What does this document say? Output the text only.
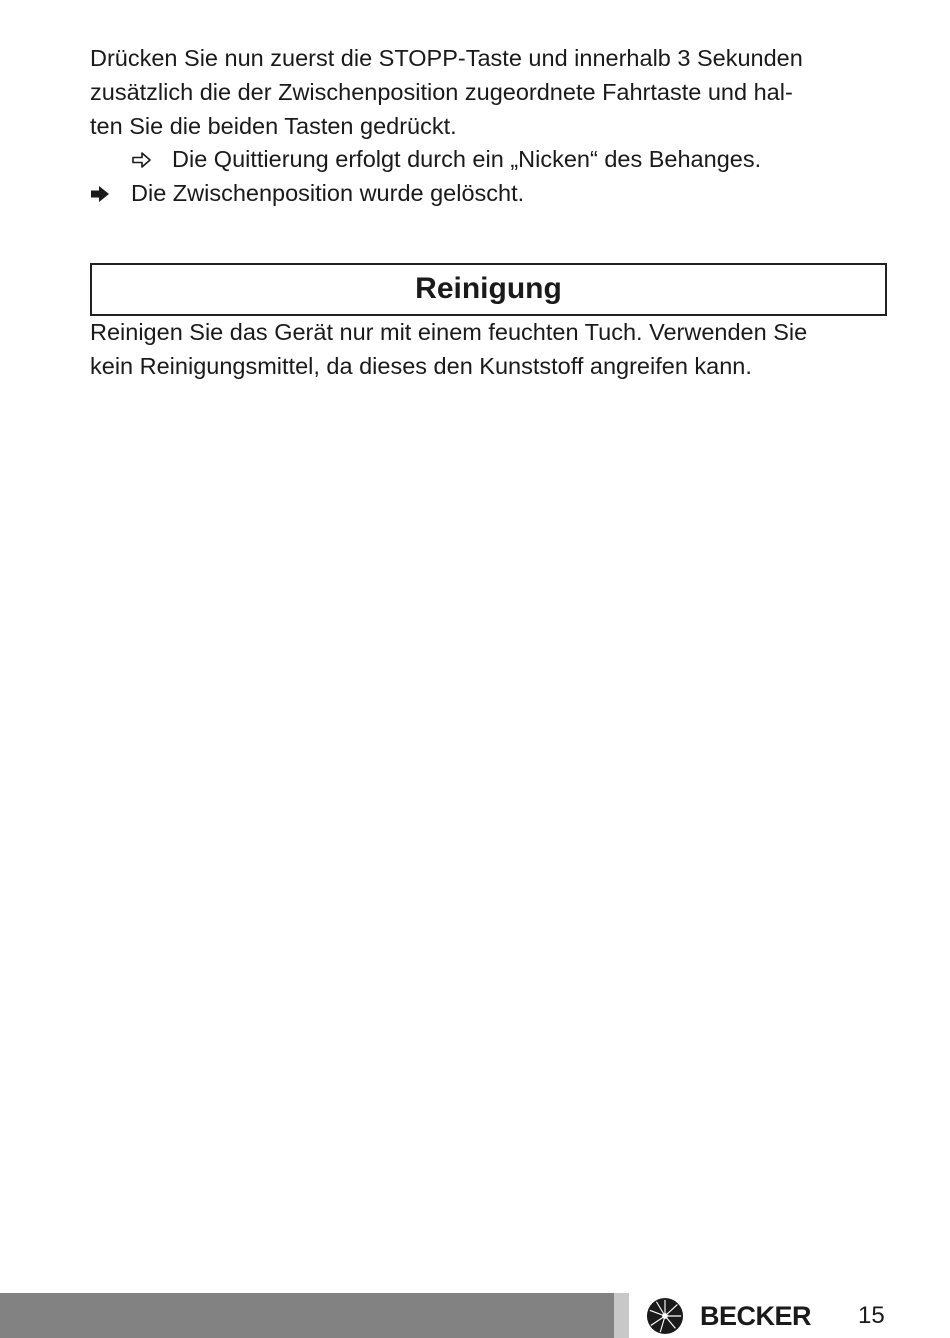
Drücken Sie nun zuerst die STOPP-Taste und innerhalb 3 Sekunden
zusätzlich die der Zwischenposition zugeordnete Fahrtaste und hal-
ten Sie die beiden Tasten gedrückt.

Die Quittierung erfolgt durch ein „Nicken“ des Behanges.

Die Zwischenposition wurde gelöscht.

Reinigung

Reinigen Sie das Gerät nur mit einem feuchten Tuch. Verwenden Sie
kein Reinigungsmittel, da dieses den Kunststoff angreifen kann.

BECKER 15
